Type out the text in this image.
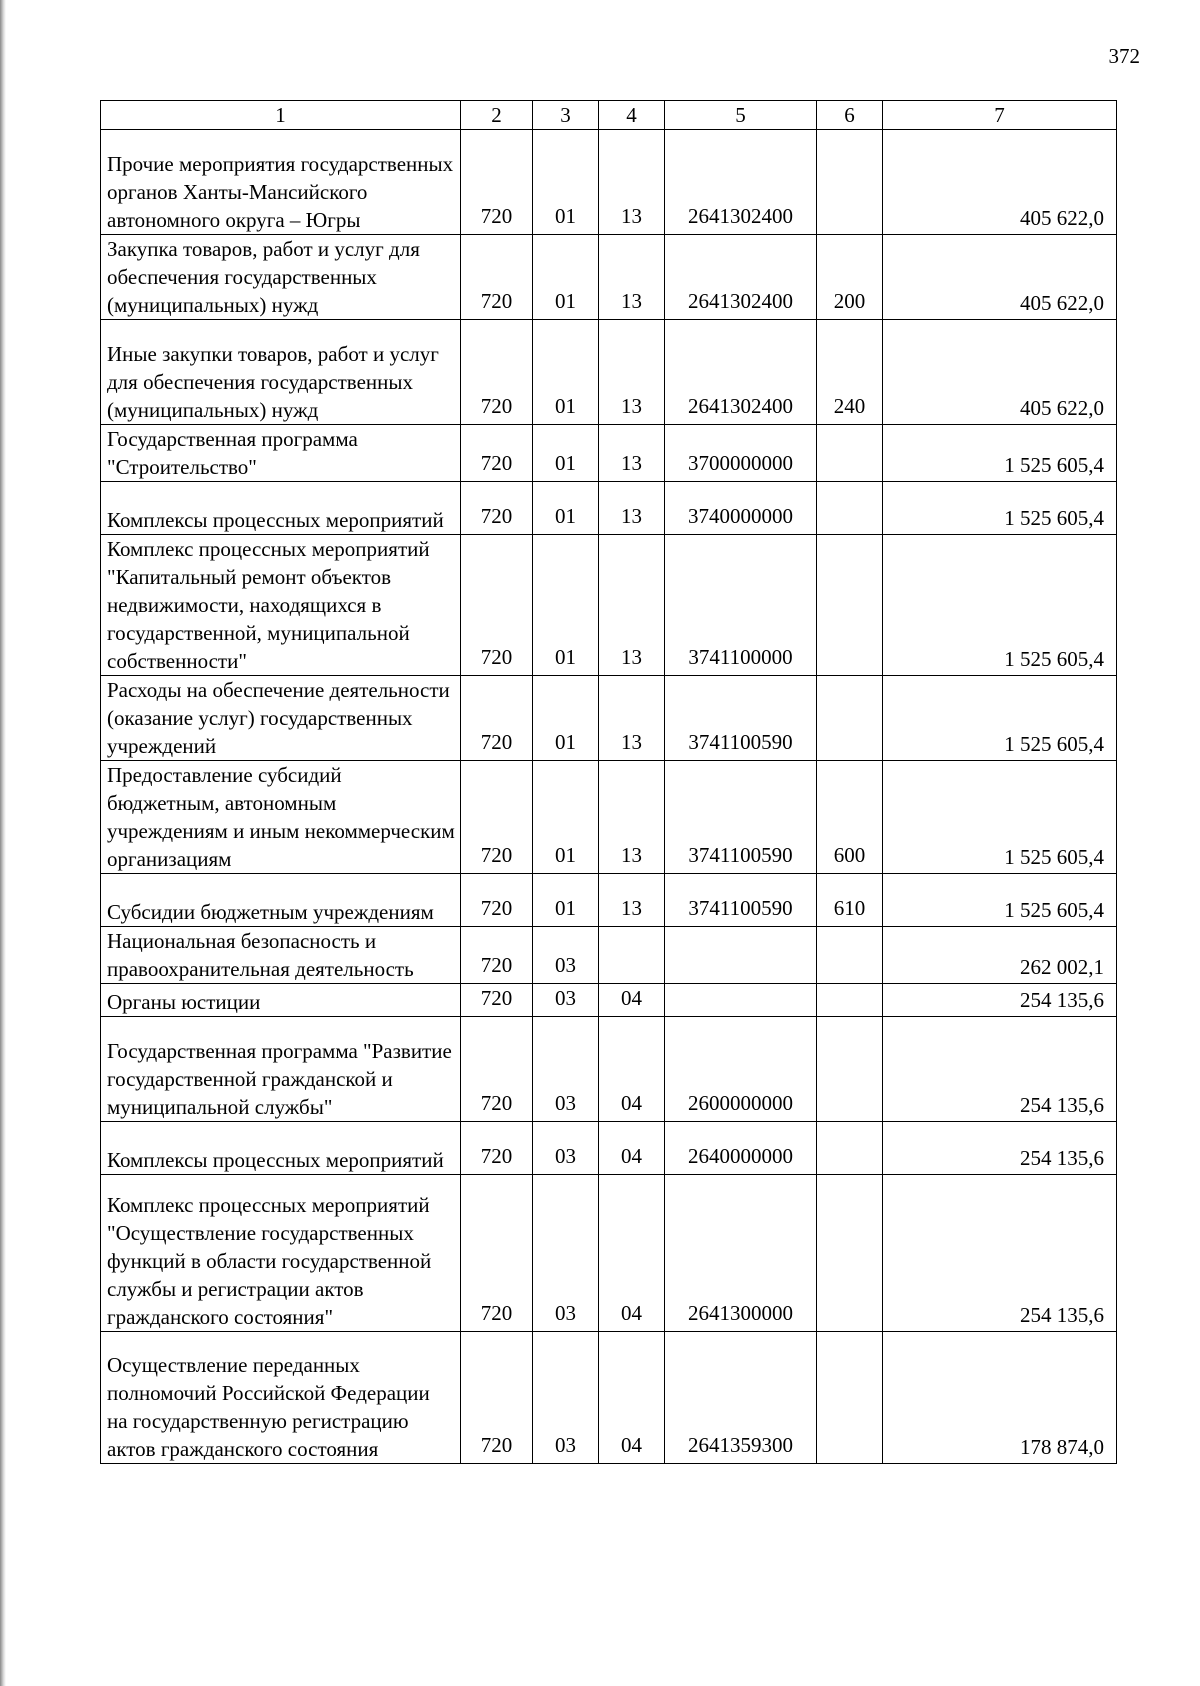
372
1	2	3	4	5	6	7
Прочие мероприятия государственных органов Ханты-Мансийского автономного округа – Югры	720	01	13	2641302400		405 622,0
Закупка товаров, работ и услуг для обеспечения государственных (муниципальных) нужд	720	01	13	2641302400	200	405 622,0
Иные закупки товаров, работ и услуг для обеспечения государственных (муниципальных) нужд	720	01	13	2641302400	240	405 622,0
Государственная программа "Строительство"	720	01	13	3700000000		1 525 605,4
Комплексы процессных мероприятий	720	01	13	3740000000		1 525 605,4
Комплекс процессных мероприятий "Капитальный ремонт объектов недвижимости, находящихся в государственной, муниципальной собственности"	720	01	13	3741100000		1 525 605,4
Расходы на обеспечение деятельности (оказание услуг) государственных учреждений	720	01	13	3741100590		1 525 605,4
Предоставление субсидий бюджетным, автономным учреждениям и иным некоммерческим организациям	720	01	13	3741100590	600	1 525 605,4
Субсидии бюджетным учреждениям	720	01	13	3741100590	610	1 525 605,4
Национальная безопасность и правоохранительная деятельность	720	03				262 002,1
Органы юстиции	720	03	04			254 135,6
Государственная программа "Развитие государственной гражданской и муниципальной службы"	720	03	04	2600000000		254 135,6
Комплексы процессных мероприятий	720	03	04	2640000000		254 135,6
Комплекс процессных мероприятий "Осуществление государственных функций в области государственной службы и регистрации актов гражданского состояния"	720	03	04	2641300000		254 135,6
Осуществление переданных полномочий Российской Федерации на государственную регистрацию актов гражданского состояния	720	03	04	2641359300		178 874,0
